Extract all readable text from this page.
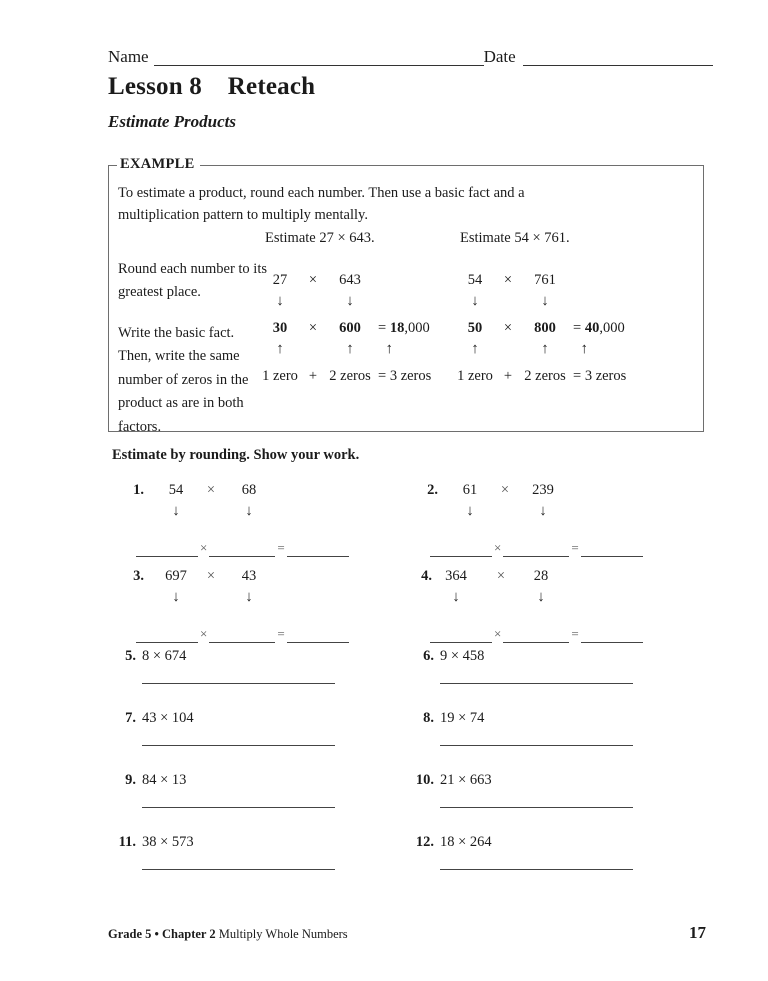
Name	Date
Lesson 8    Reteach
Estimate Products
EXAMPLE
To estimate a product, round each number. Then use a basic fact and a multiplication pattern to multiply mentally.
Estimate 27 × 643.	Estimate 54 × 761.
Round each number to its greatest place.
Write the basic fact. Then, write the same number of zeros in the product as are in both factors.
27	×	643
↓	↓
30	×	600	= 18,000
↑	↑	↑
1 zero + 2 zeros = 3 zeros
54	×	761
↓	↓
50	×	800	= 40,000
↑	↑	↑
1 zero + 2 zeros = 3 zeros
Estimate by rounding. Show your work.
1.	54	×	68
↓	↓
×	=
2.	61	×	239
↓	↓
×	=
3.	697	×	43
↓	↓
×	=
4. 364	×	28
↓	↓
×	=
5. 8 × 674	6. 9 × 458
7. 43 × 104	8. 19 × 74
9. 84 × 13	10. 21 × 663
11. 38 × 573	12. 18 × 264
Grade 5 • Chapter 2 Multiply Whole Numbers	17
